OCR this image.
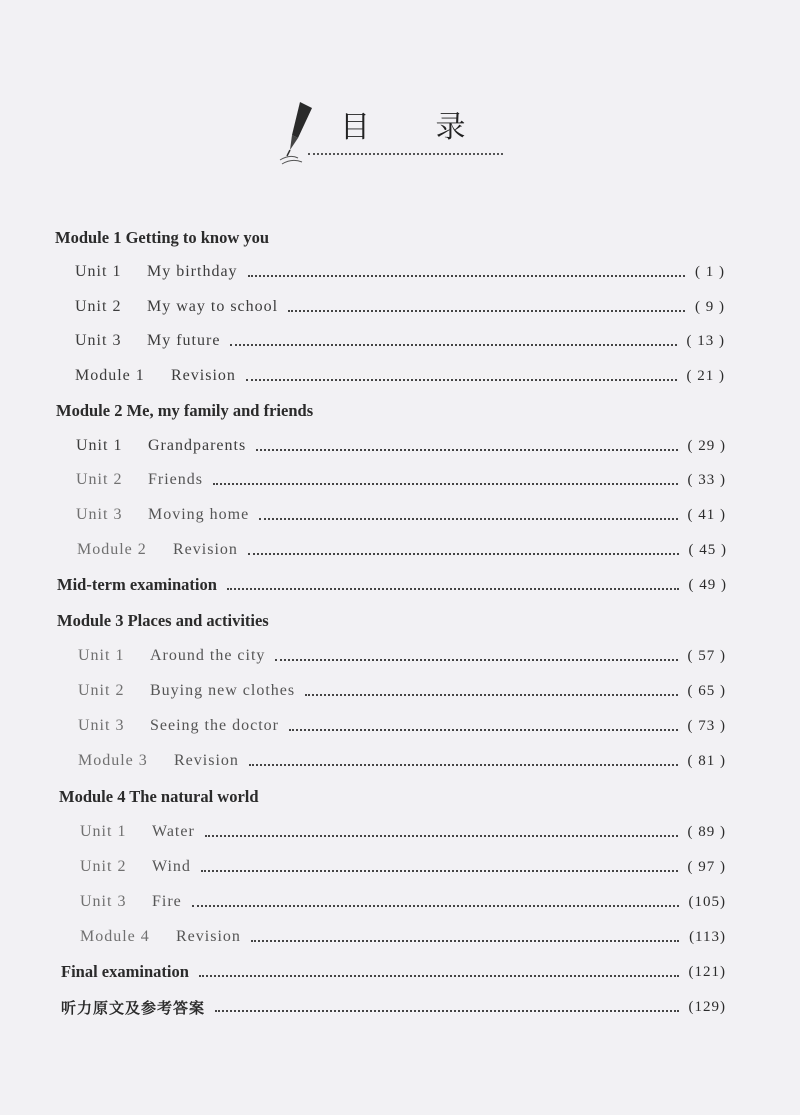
目 录
Module 1 Getting to know you
Unit 1 My birthday	( 1 )
Unit 2 My way to school	( 9 )
Unit 3 My future	( 13 )
Module 1 Revision	( 21 )
Module 2 Me, my family and friends
Unit 1 Grandparents	( 29 )
Unit 2 Friends	( 33 )
Unit 3 Moving home	( 41 )
Module 2 Revision	( 45 )
Mid-term examination	( 49 )
Module 3 Places and activities
Unit 1 Around the city	( 57 )
Unit 2 Buying new clothes	( 65 )
Unit 3 Seeing the doctor	( 73 )
Module 3 Revision	( 81 )
Module 4 The natural world
Unit 1 Water	( 89 )
Unit 2 Wind	( 97 )
Unit 3 Fire	(105)
Module 4 Revision	(113)
Final examination	(121)
听力原文及参考答案	(129)
